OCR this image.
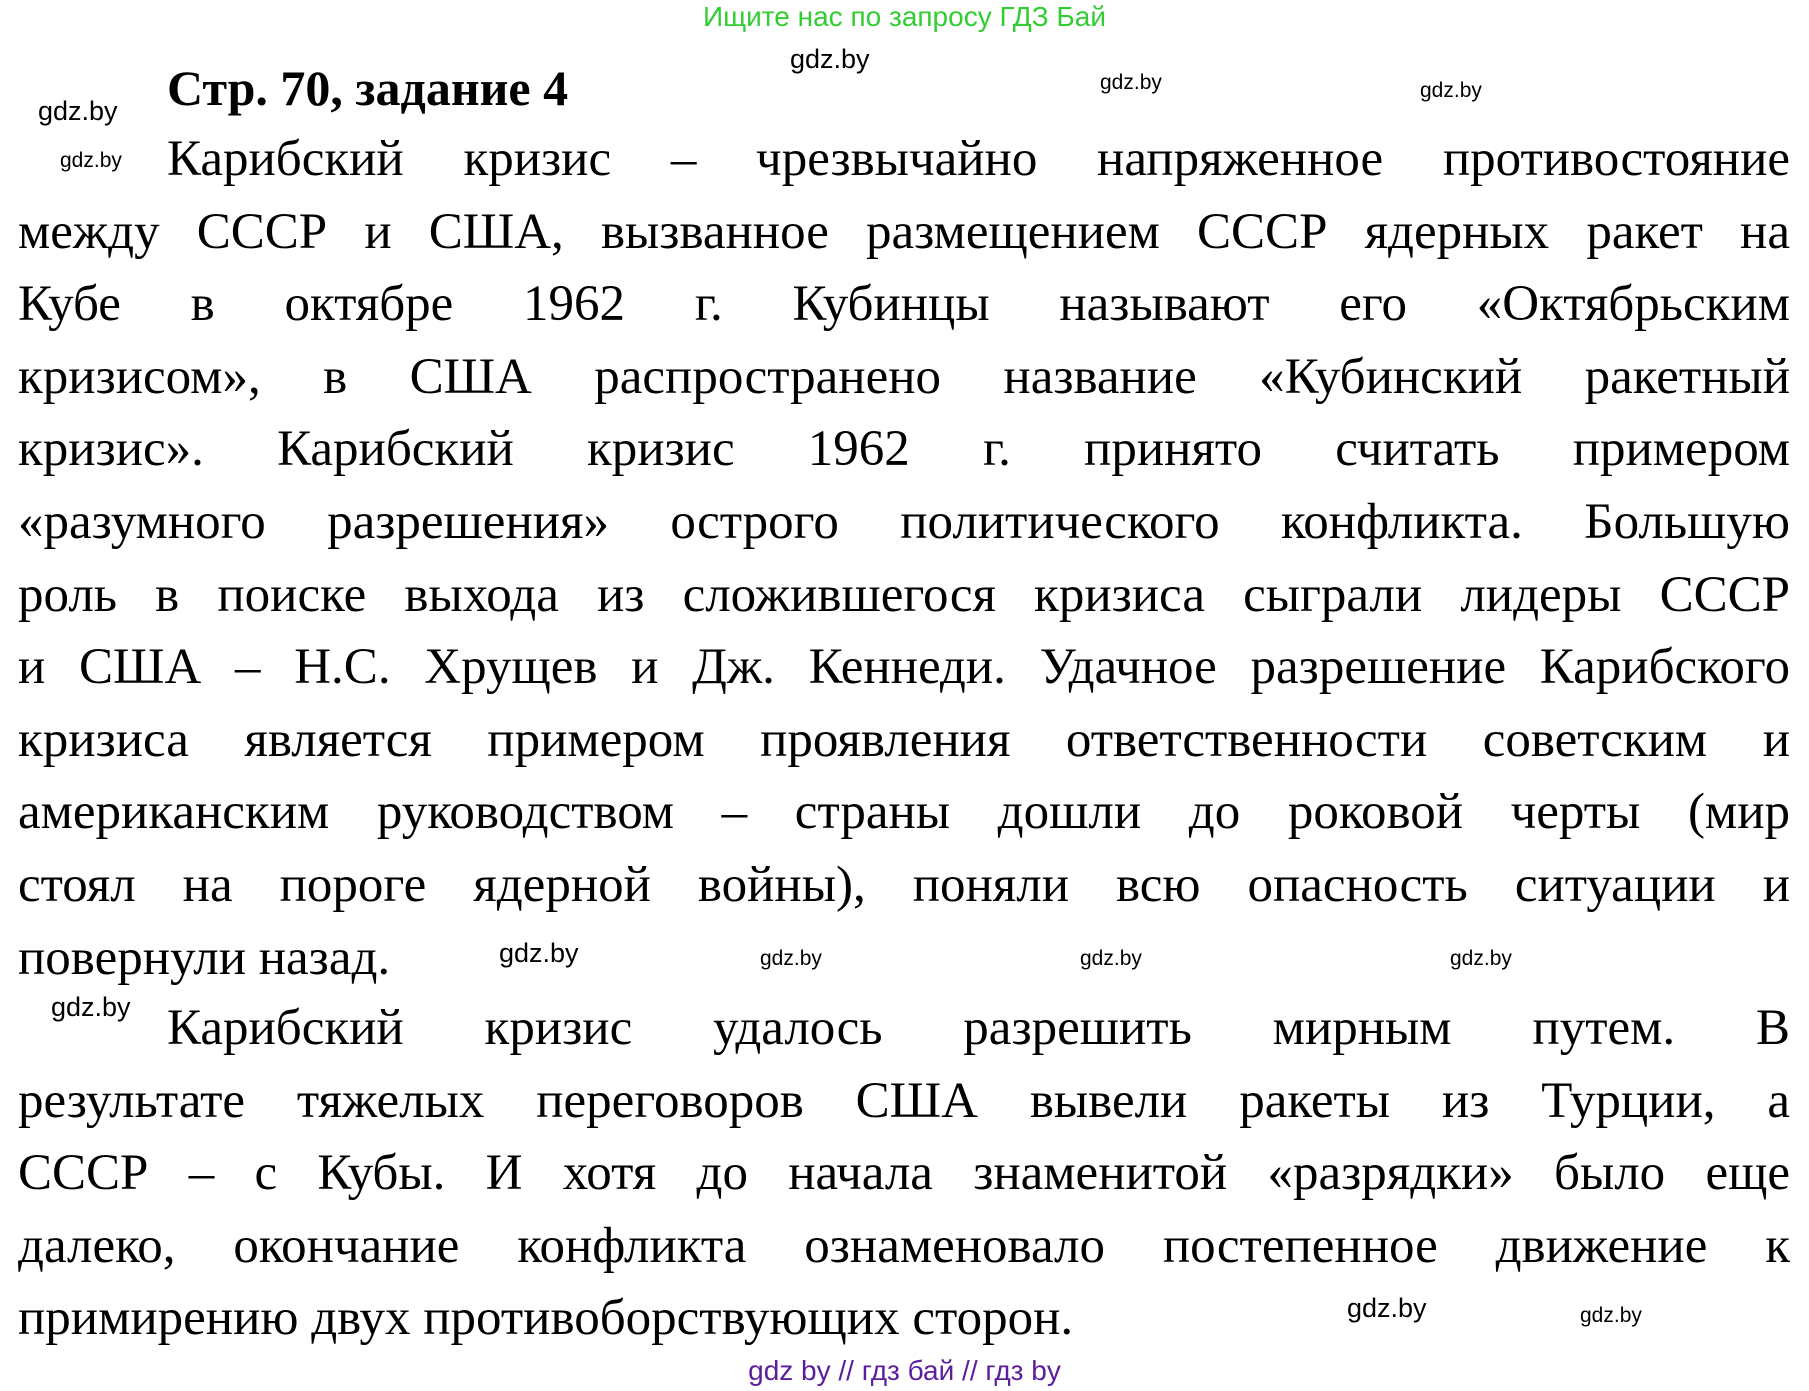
Ищите нас по запросу ГДЗ Бай
Стр. 70, задание 4
Карибский кризис – чрезвычайно напряженное противостояние
между СССР и США, вызванное размещением СССР ядерных ракет на
Кубе в октябре 1962 г. Кубинцы называют его «Октябрьским
кризисом», в США распространено название «Кубинский ракетный
кризис». Карибский кризис 1962 г. принято считать примером
«разумного разрешения» острого политического конфликта. Большую
роль в поиске выхода из сложившегося кризиса сыграли лидеры СССР
и США – Н.С. Хрущев и Дж. Кеннеди. Удачное разрешение Карибского
кризиса является примером проявления ответственности советским и
американским руководством – страны дошли до роковой черты (мир
стоял на пороге ядерной войны), поняли всю опасность ситуации и
повернули назад.
Карибский кризис удалось разрешить мирным путем. В
результате тяжелых переговоров США вывели ракеты из Турции, а
СССР – с Кубы. И хотя до начала знаменитой «разрядки» было еще
далеко, окончание конфликта ознаменовало постепенное движение к
примирению двух противоборствующих сторон.
gdz.by
gdz.by
gdz.by	gdz.by
gdz.by	gdz.by	gdz.by
gdz.by
gdz.by
gdz.by
gdz.by
gdz.by
gdz by // гдз бай // гдз by
